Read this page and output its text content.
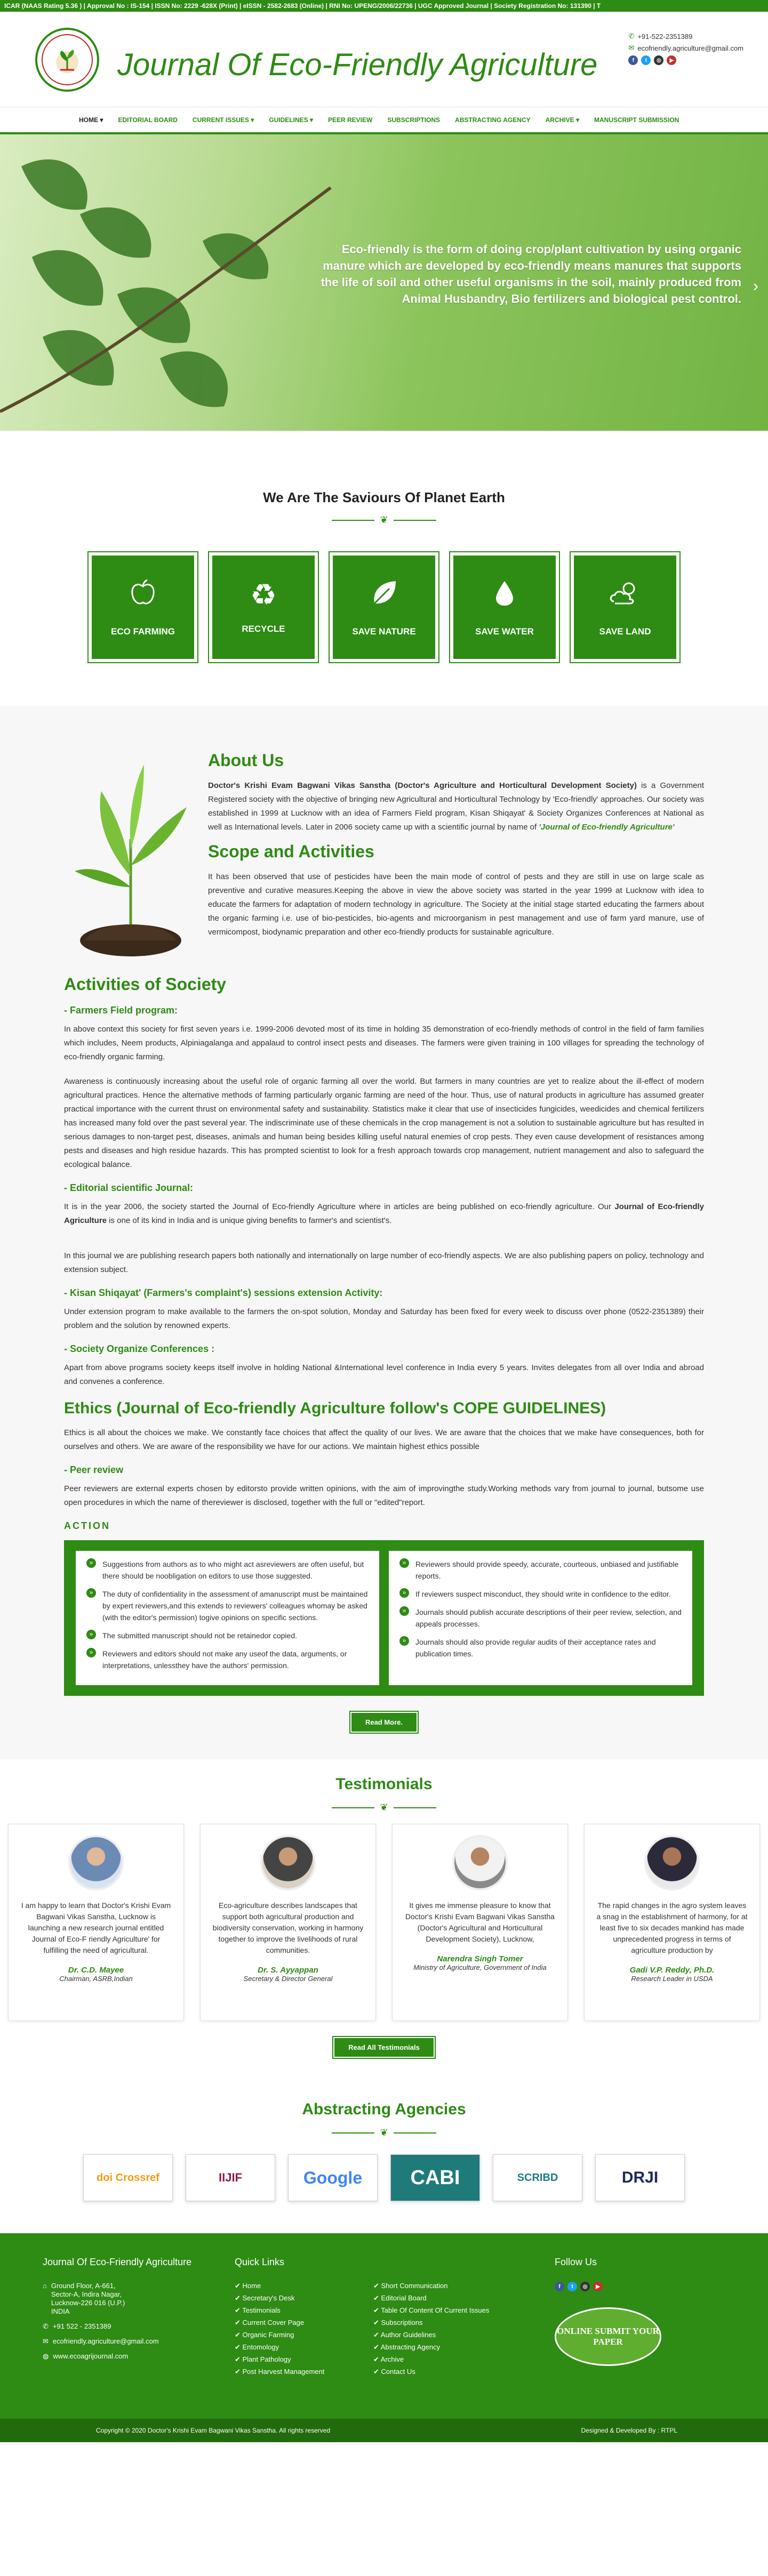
ICAR (NAAS Rating 5.36 ) | Approval No : IS-154 | ISSN No: 2229 -628X (Print) | eISSN - 2582-2683 (Online) | RNI No: UPENG/2006/22736 | UGC Approved Journal | Society Registration No: 131390 | T
Journal Of Eco-Friendly Agriculture
✆ +91-522-2351389
✉ ecofriendly.agriculture@gmail.com
f	t	◎	▶
HOME ▾	EDITORIAL BOARD	CURRENT ISSUES ▾	GUIDELINES ▾	PEER REVIEW	SUBSCRIPTIONS	ABSTRACTING AGENCY	ARCHIVE ▾	MANUSCRIPT SUBMISSION
Eco-friendly is the form of doing crop/plant cultivation by using organic manure which are developed by eco-friendly means manures that supports the life of soil and other useful organisms in the soil, mainly produced from Animal Husbandry, Bio fertilizers and biological pest control.
›
We Are The Saviours Of Planet Earth
❦
ECO FARMING
♻
RECYCLE	SAVE NATURE	SAVE WATER	SAVE LAND
About Us

Doctor's Krishi Evam Bagwani Vikas Sanstha (Doctor's Agriculture and Horticultural Development Society) is a Government Registered society with the objective of bringing new Agricultural and Horticultural Technology by 'Eco-friendly' approaches. Our society was established in 1999 at Lucknow with an idea of Farmers Field program, Kisan Shiqayat' & Society Organizes Conferences at National as well as International levels. Later in 2006 society came up with a scientific journal by name of 'Journal of Eco-friendly Agriculture'

Scope and Activities

It has been observed that use of pesticides have been the main mode of control of pests and they are still in use on large scale as preventive and curative measures.Keeping the above in view the above society was started in the year 1999 at Lucknow with idea to educate the farmers for adaptation of modern technology in agriculture. The Society at the initial stage started educating the farmers about the organic farming i.e. use of bio-pesticides, bio-agents and microorganism in pest management and use of farm yard manure, use of vermicompost, biodynamic preparation and other eco-friendly products for sustainable agriculture.

Activities of Society
- Farmers Field program:

In above context this society for first seven years i.e. 1999-2006 devoted most of its time in holding 35 demonstration of eco-friendly methods of control in the field of farm families which includes, Neem products, Alpiniagalanga and appalaud to control insect pests and diseases. The farmers were given training in 100 villages for spreading the technology of eco-friendly organic farming.

Awareness is continuously increasing about the useful role of organic farming all over the world. But farmers in many countries are yet to realize about the ill-effect of modern agricultural practices. Hence the alternative methods of farming particularly organic farming are need of the hour. Thus, use of natural products in agriculture has assumed greater practical importance with the current thrust on environmental safety and sustainability. Statistics make it clear that use of insecticides fungicides, weedicides and chemical fertilizers has increased many fold over the past several year. The indiscriminate use of these chemicals in the crop management is not a solution to sustainable agriculture but has resulted in serious damages to non-target pest, diseases, animals and human being besides killing useful natural enemies of crop pests. They even cause development of resistances among pests and diseases and high residue hazards. This has prompted scientist to look for a fresh approach towards crop management, nutrient management and also to safeguard the ecological balance.

- Editorial scientific Journal:

It is in the year 2006, the society started the Journal of Eco-friendly Agriculture where in articles are being published on eco-friendly agriculture. Our Journal of Eco-friendly Agriculture is one of its kind in India and is unique giving benefits to farmer's and scientist's.

In this journal we are publishing research papers both nationally and internationally on large number of eco-friendly aspects. We are also publishing papers on policy, technology and extension subject.

- Kisan Shiqayat' (Farmers's complaint's) sessions extension Activity:

Under extension program to make available to the farmers the on-spot solution, Monday and Saturday has been fixed for every week to discuss over phone (0522-2351389) their problem and the solution by renowned experts.

- Society Organize Conferences :

Apart from above programs society keeps itself involve in holding National &International level conference in India every 5 years. Invites delegates from all over India and abroad and convenes a conference.

Ethics (Journal of Eco-friendly Agriculture follow's COPE GUIDELINES)

Ethics is all about the choices we make. We constantly face choices that affect the quality of our lives. We are aware that the choices that we make have consequences, both for ourselves and others. We are aware of the responsibility we have for our actions. We maintain highest ethics possible

- Peer review

Peer reviewers are external experts chosen by editorsto provide written opinions, with the aim of improvingthe study.Working methods vary from journal to journal, butsome use open procedures in which the name of thereviewer is disclosed, together with the full or "edited"report.

ACTION
» Suggestions from authors as to who might act asreviewers are often useful, but there should be noobligation on editors to use those suggested.
» The duty of confidentiality in the assessment of amanuscript must be maintained by expert reviewers,and this extends to reviewers' colleagues whomay be asked (with the editor's permission) togive opinions on specific sections.
» The submitted manuscript should not be retainedor copied.
» Reviewers and editors should not make any useof the data, arguments, or interpretations, unlessthey have the authors' permission.
» Reviewers should provide speedy, accurate, courteous, unbiased and justifiable reports.
» If reviewers suspect misconduct, they should write in confidence to the editor.
» Journals should publish accurate descriptions of their peer review, selection, and appeals processes.
» Journals should also provide regular audits of their acceptance rates and publication times.
Read More.
Testimonials
❦

I am happy to learn that Doctor's Krishi Evam Bagwani Vikas Sanstha, Lucknow is launching a new research journal entitled Journal of Eco-F riendly Agriculture' for fulfilling the need of agricultural.

Dr. C.D. Mayee
Chairman, ASRB,Indian

Eco-agriculture describes landscapes that support both agricultural production and biodiversity conservation, working in harmony together to improve the livelihoods of rural communities.

Dr. S. Ayyappan
Secretary & Director General

It gives me immense pleasure to know that Doctor's Krishi Evam Bagwani Vikas Sanstha (Doctor's Agricultural and Horticultural Development Society), Lucknow,

Narendra Singh Tomer
Ministry of Agriculture, Government of India

The rapid changes in the agro system leaves a snag in the establishment of harmony, for at least five to six decades mankind has made unprecedented progress in terms of agriculture production by

Gadi V.P. Reddy, Ph.D.
Research Leader in USDA
Read All Testimonials
Abstracting Agencies
❦
doi Crossref	IIJIF	Google	CABI	SCRIBD	DRJI
Journal Of Eco-Friendly Agriculture
⌂ Ground Floor, A-661, Sector-A, Indira Nagar, Lucknow-226 016 (U.P.) INDIA
✆ +91 522 - 2351389
✉ ecofriendly.agriculture@gmail.com
◍ www.ecoagrijournal.com
Quick Links
✔ Home	✔ Short Communication
✔ Secretary's Desk	✔ Editorial Board
✔ Testimonials	✔ Table Of Content Of Current Issues
✔ Current Cover Page	✔ Subscriptions
✔ Organic Farming	✔ Author Guidelines
✔ Entomology	✔ Abstracting Agency
✔ Plant Pathology	✔ Archive
✔ Post Harvest Management	✔ Contact Us
Follow Us
f	t	◎	▶
ONLINE SUBMIT YOUR PAPER
Copyright © 2020 Doctor's Krishi Evam Bagwani Vikas Sanstha. All rights reserved	Designed & Developed By : RTPL
